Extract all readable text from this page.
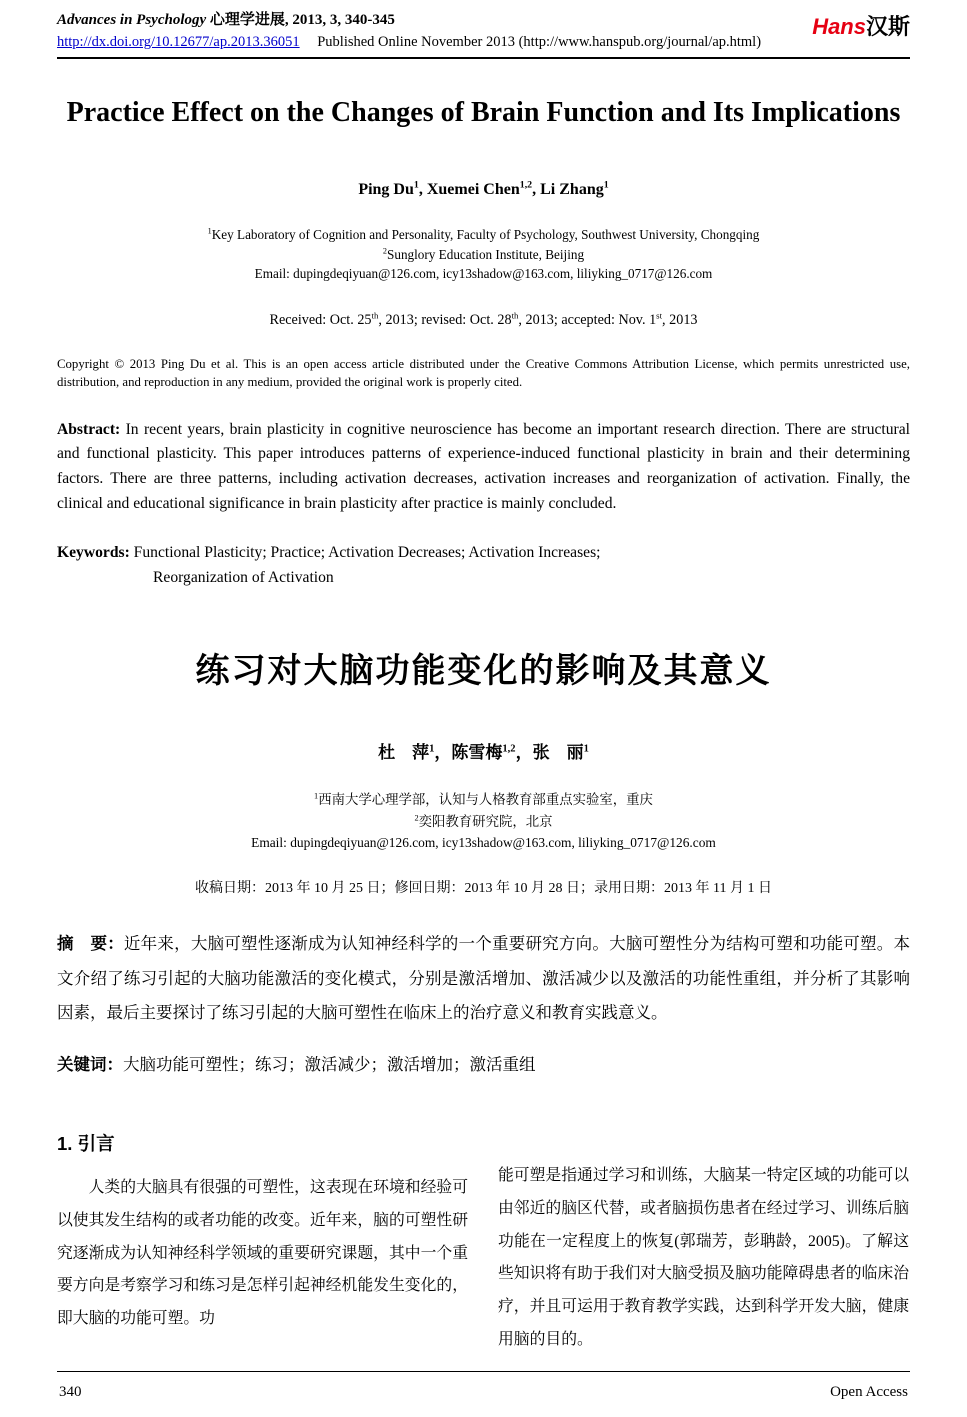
Advances in Psychology 心理学进展, 2013, 3, 340-345
http://dx.doi.org/10.12677/ap.2013.36051 Published Online November 2013 (http://www.hanspub.org/journal/ap.html)
Hans汉斯
Practice Effect on the Changes of Brain Function and Its Implications
Ping Du$^1$, Xuemei Chen$^{1,2}$, Li Zhang$^1$
$^1$Key Laboratory of Cognition and Personality, Faculty of Psychology, Southwest University, Chongqing
$^2$Sunglory Education Institute, Beijing
Email: dupingdeqiyuan@126.com, icy13shadow@163.com, liliyking_0717@126.com
Received: Oct. 25th, 2013; revised: Oct. 28th, 2013; accepted: Nov. 1st, 2013

Copyright © 2013 Ping Du et al. This is an open access article distributed under the Creative Commons Attribution License, which permits unrestricted use, distribution, and reproduction in any medium, provided the original work is properly cited.

Abstract: In recent years, brain plasticity in cognitive neuroscience has become an important research direction. There are structural and functional plasticity. This paper introduces patterns of experience-induced functional plasticity in brain and their determining factors. There are three patterns, including activation decreases, activation increases and reorganization of activation. Finally, the clinical and educational significance in brain plasticity after practice is mainly concluded.

Keywords: Functional Plasticity; Practice; Activation Decreases; Activation Increases;
Reorganization of Activation

练习对大脑功能变化的影响及其意义
杜　萍$^1$，陈雪梅$^{1,2}$，张　丽$^1$
$^1$西南大学心理学部，认知与人格教育部重点实验室，重庆
$^2$奕阳教育研究院，北京
Email: dupingdeqiyuan@126.com, icy13shadow@163.com, liliyking_0717@126.com
收稿日期：2013 年 10 月 25 日；修回日期：2013 年 10 月 28 日；录用日期：2013 年 11 月 1 日

摘　要：近年来，大脑可塑性逐渐成为认知神经科学的一个重要研究方向。大脑可塑性分为结构可塑和功能可塑。本文介绍了练习引起的大脑功能激活的变化模式，分别是激活增加、激活减少以及激活的功能性重组，并分析了其影响因素，最后主要探讨了练习引起的大脑可塑性在临床上的治疗意义和教育实践意义。

关键词：大脑功能可塑性；练习；激活减少；激活增加；激活重组

1. 引言

人类的大脑具有很强的可塑性，这表现在环境和经验可以使其发生结构的或者功能的改变。近年来，脑的可塑性研究逐渐成为认知神经科学领域的重要研究课题，其中一个重要方向是考察学习和练习是怎样引起神经机能发生变化的，即大脑的功能可塑。功

能可塑是指通过学习和训练，大脑某一特定区域的功能可以由邻近的脑区代替，或者脑损伤患者在经过学习、训练后脑功能在一定程度上的恢复(郭瑞芳，彭聃龄，2005)。了解这些知识将有助于我们对大脑受损及脑功能障碍患者的临床治疗，并且可运用于教育教学实践，达到科学开发大脑，健康用脑的目的。

340	Open Access
